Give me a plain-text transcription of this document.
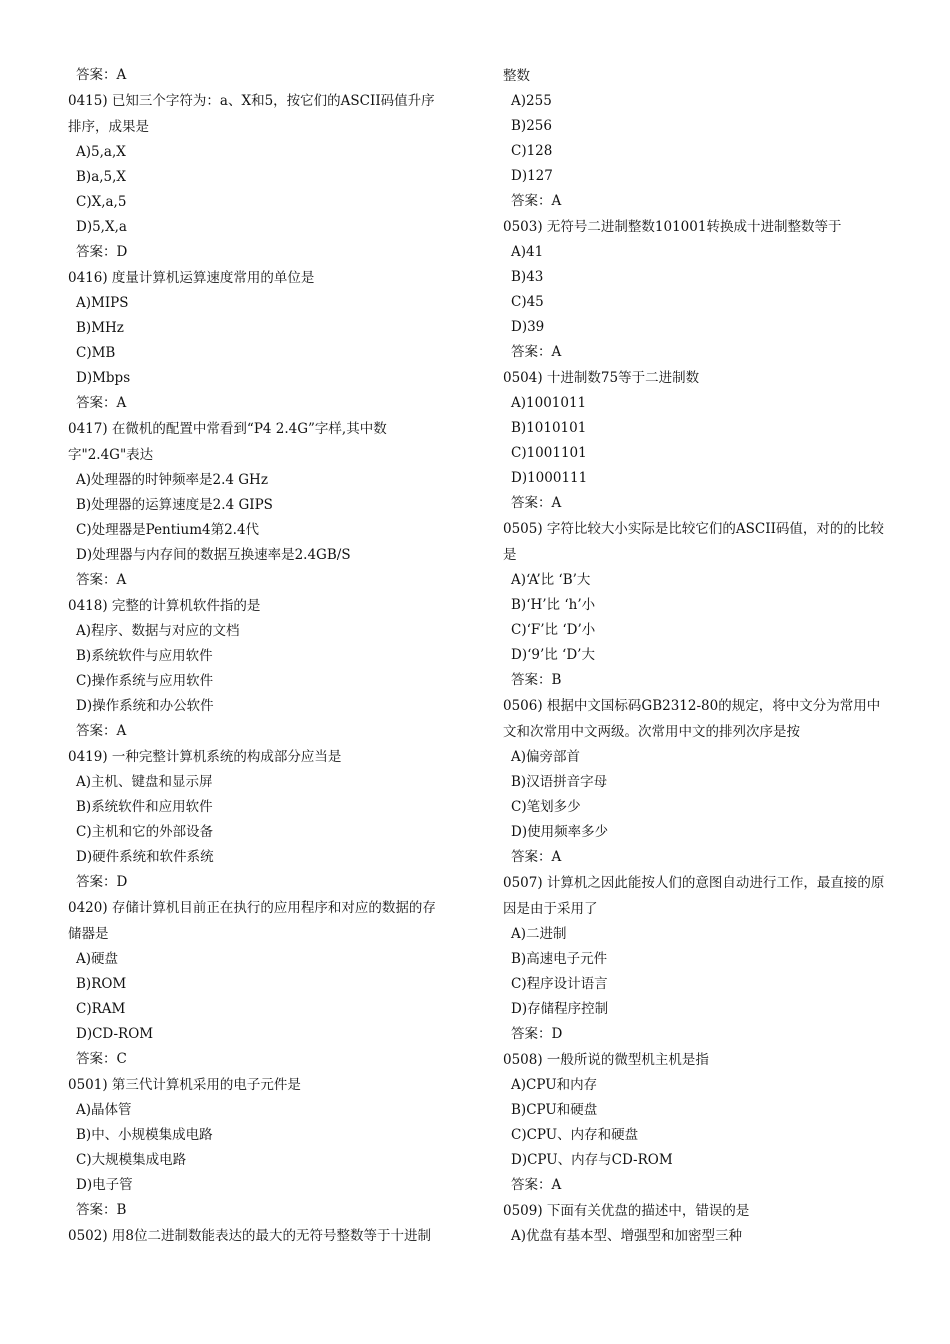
答案：A
0415) 已知三个字符为：a、X和5，按它们的ASCII码值升序排序，成果是
A)5,a,X
B)a,5,X
C)X,a,5
D)5,X,a
答案：D
0416) 度量计算机运算速度常用的单位是
A)MIPS
B)MHz
C)MB
D)Mbps
答案：A
0417) 在微机的配置中常看到“P4 2.4G”字样,其中数字"2.4G"表达
A)处理器的时钟频率是2.4 GHz
B)处理器的运算速度是2.4 GIPS
C)处理器是Pentium4第2.4代
D)处理器与内存间的数据互换速率是2.4GB/S
答案：A
0418) 完整的计算机软件指的是
A)程序、数据与对应的文档
B)系统软件与应用软件
C)操作系统与应用软件
D)操作系统和办公软件
答案：A
0419) 一种完整计算机系统的构成部分应当是
A)主机、键盘和显示屏
B)系统软件和应用软件
C)主机和它的外部设备
D)硬件系统和软件系统
答案：D
0420) 存储计算机目前正在执行的应用程序和对应的数据的存储器是
A)硬盘
B)ROM
C)RAM
D)CD-ROM
答案：C
0501) 第三代计算机采用的电子元件是
A)晶体管
B)中、小规模集成电路
C)大规模集成电路
D)电子管
答案：B
0502) 用8位二进制数能表达的最大的无符号整数等于十进制
整数
A)255
B)256
C)128
D)127
答案：A
0503) 无符号二进制整数101001转换成十进制整数等于
A)41
B)43
C)45
D)39
答案：A
0504) 十进制数75等于二进制数
A)1001011
B)1010101
C)1001101
D)1000111
答案：A
0505) 字符比较大小实际是比较它们的ASCII码值，对的的比较是
A)‘A’比 ‘B’大
B)‘H’比 ‘h’小
C)‘F’比 ‘D’小
D)‘9’比 ‘D’大
答案：B
0506) 根据中文国标码GB2312-80的规定，将中文分为常用中文和次常用中文两级。次常用中文的排列次序是按
A)偏旁部首
B)汉语拼音字母
C)笔划多少
D)使用频率多少
答案：A
0507) 计算机之因此能按人们的意图自动进行工作，最直接的原因是由于采用了
A)二进制
B)高速电子元件
C)程序设计语言
D)存储程序控制
答案：D
0508) 一般所说的微型机主机是指
A)CPU和内存
B)CPU和硬盘
C)CPU、内存和硬盘
D)CPU、内存与CD-ROM
答案：A
0509) 下面有关优盘的描述中，错误的是
A)优盘有基本型、增强型和加密型三种
